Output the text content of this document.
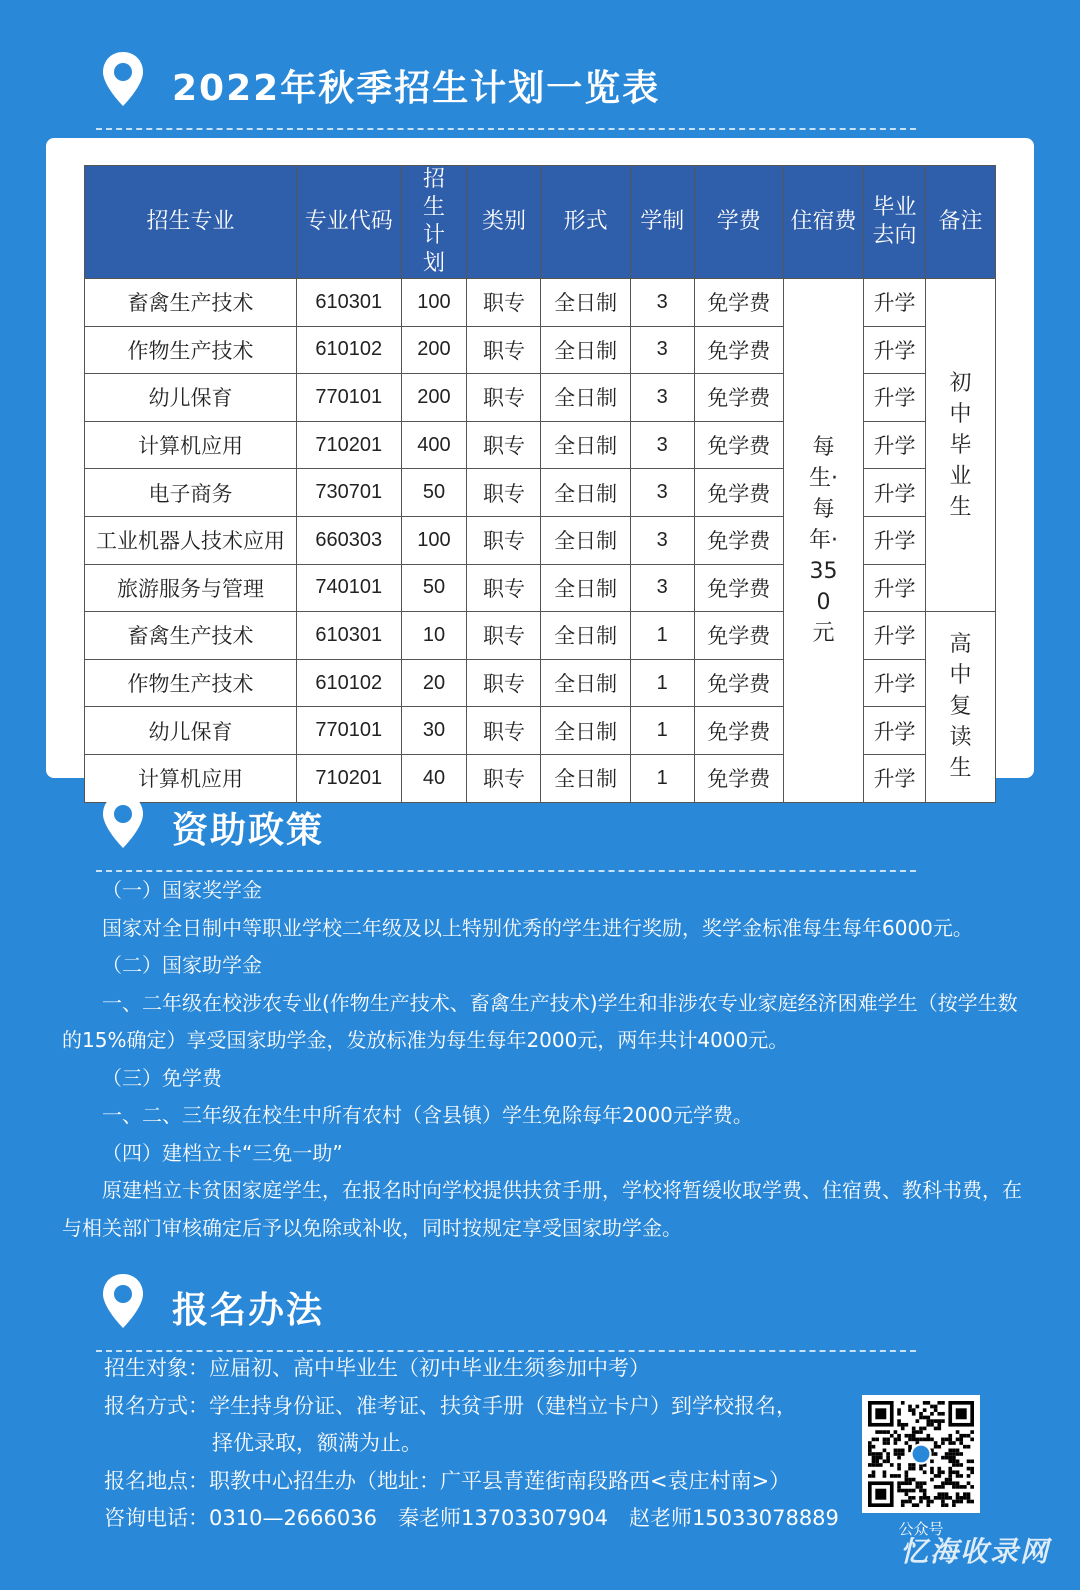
2022年秋季招生计划一览表
招生专业	专业代码	招生计划	类别	形式	学制	学费	住宿费	毕业去向	备注
畜禽生产技术	610301	100	职专	全日制	3	免学费	每生·每年·350元	升学	初中毕业生

作物生产技术	610102	200	职专	全日制	3	免学费		升学	
幼儿保育	770101	200	职专	全日制	3	免学费		升学	
计算机应用	710201	400	职专	全日制	3	免学费		升学	
电子商务	730701	50	职专	全日制	3	免学费		升学	
工业机器人技术应用	660303	100	职专	全日制	3	免学费		升学	
旅游服务与管理	740101	50	职专	全日制	3	免学费		升学	
畜禽生产技术	610301	10	职专	全日制	1	免学费		升学	高中复读生

作物生产技术	610102	20	职专	全日制	1	免学费		升学	
幼儿保育	770101	30	职专	全日制	1	免学费		升学	
计算机应用	710201	40	职专	全日制	1	免学费		升学	
资助政策
（一）国家奖学金
国家对全日制中等职业学校二年级及以上特别优秀的学生进行奖励，奖学金标准每生每年6000元。
（二）国家助学金
一、二年级在校涉农专业(作物生产技术、畜禽生产技术)学生和非涉农专业家庭经济困难学生（按学生数的15%确定）享受国家助学金，发放标准为每生每年2000元，两年共计4000元。
（三）免学费
一、二、三年级在校生中所有农村（含县镇）学生免除每年2000元学费。
（四）建档立卡“三免一助”
原建档立卡贫困家庭学生，在报名时向学校提供扶贫手册，学校将暂缓收取学费、住宿费、教科书费，在与相关部门审核确定后予以免除或补收，同时按规定享受国家助学金。
报名办法
招生对象： 应届初、高中毕业生（初中毕业生须参加中考）
报名方式： 学生持身份证、准考证、扶贫手册（建档立卡户）到学校报名，
择优录取，额满为止。
报名地点： 职教中心招生办（地址：广平县青莲街南段路西<袁庄村南>）
咨询电话： 0310—2666036　秦老师13703307904　赵老师15033078889	公众号
忆海收录网
